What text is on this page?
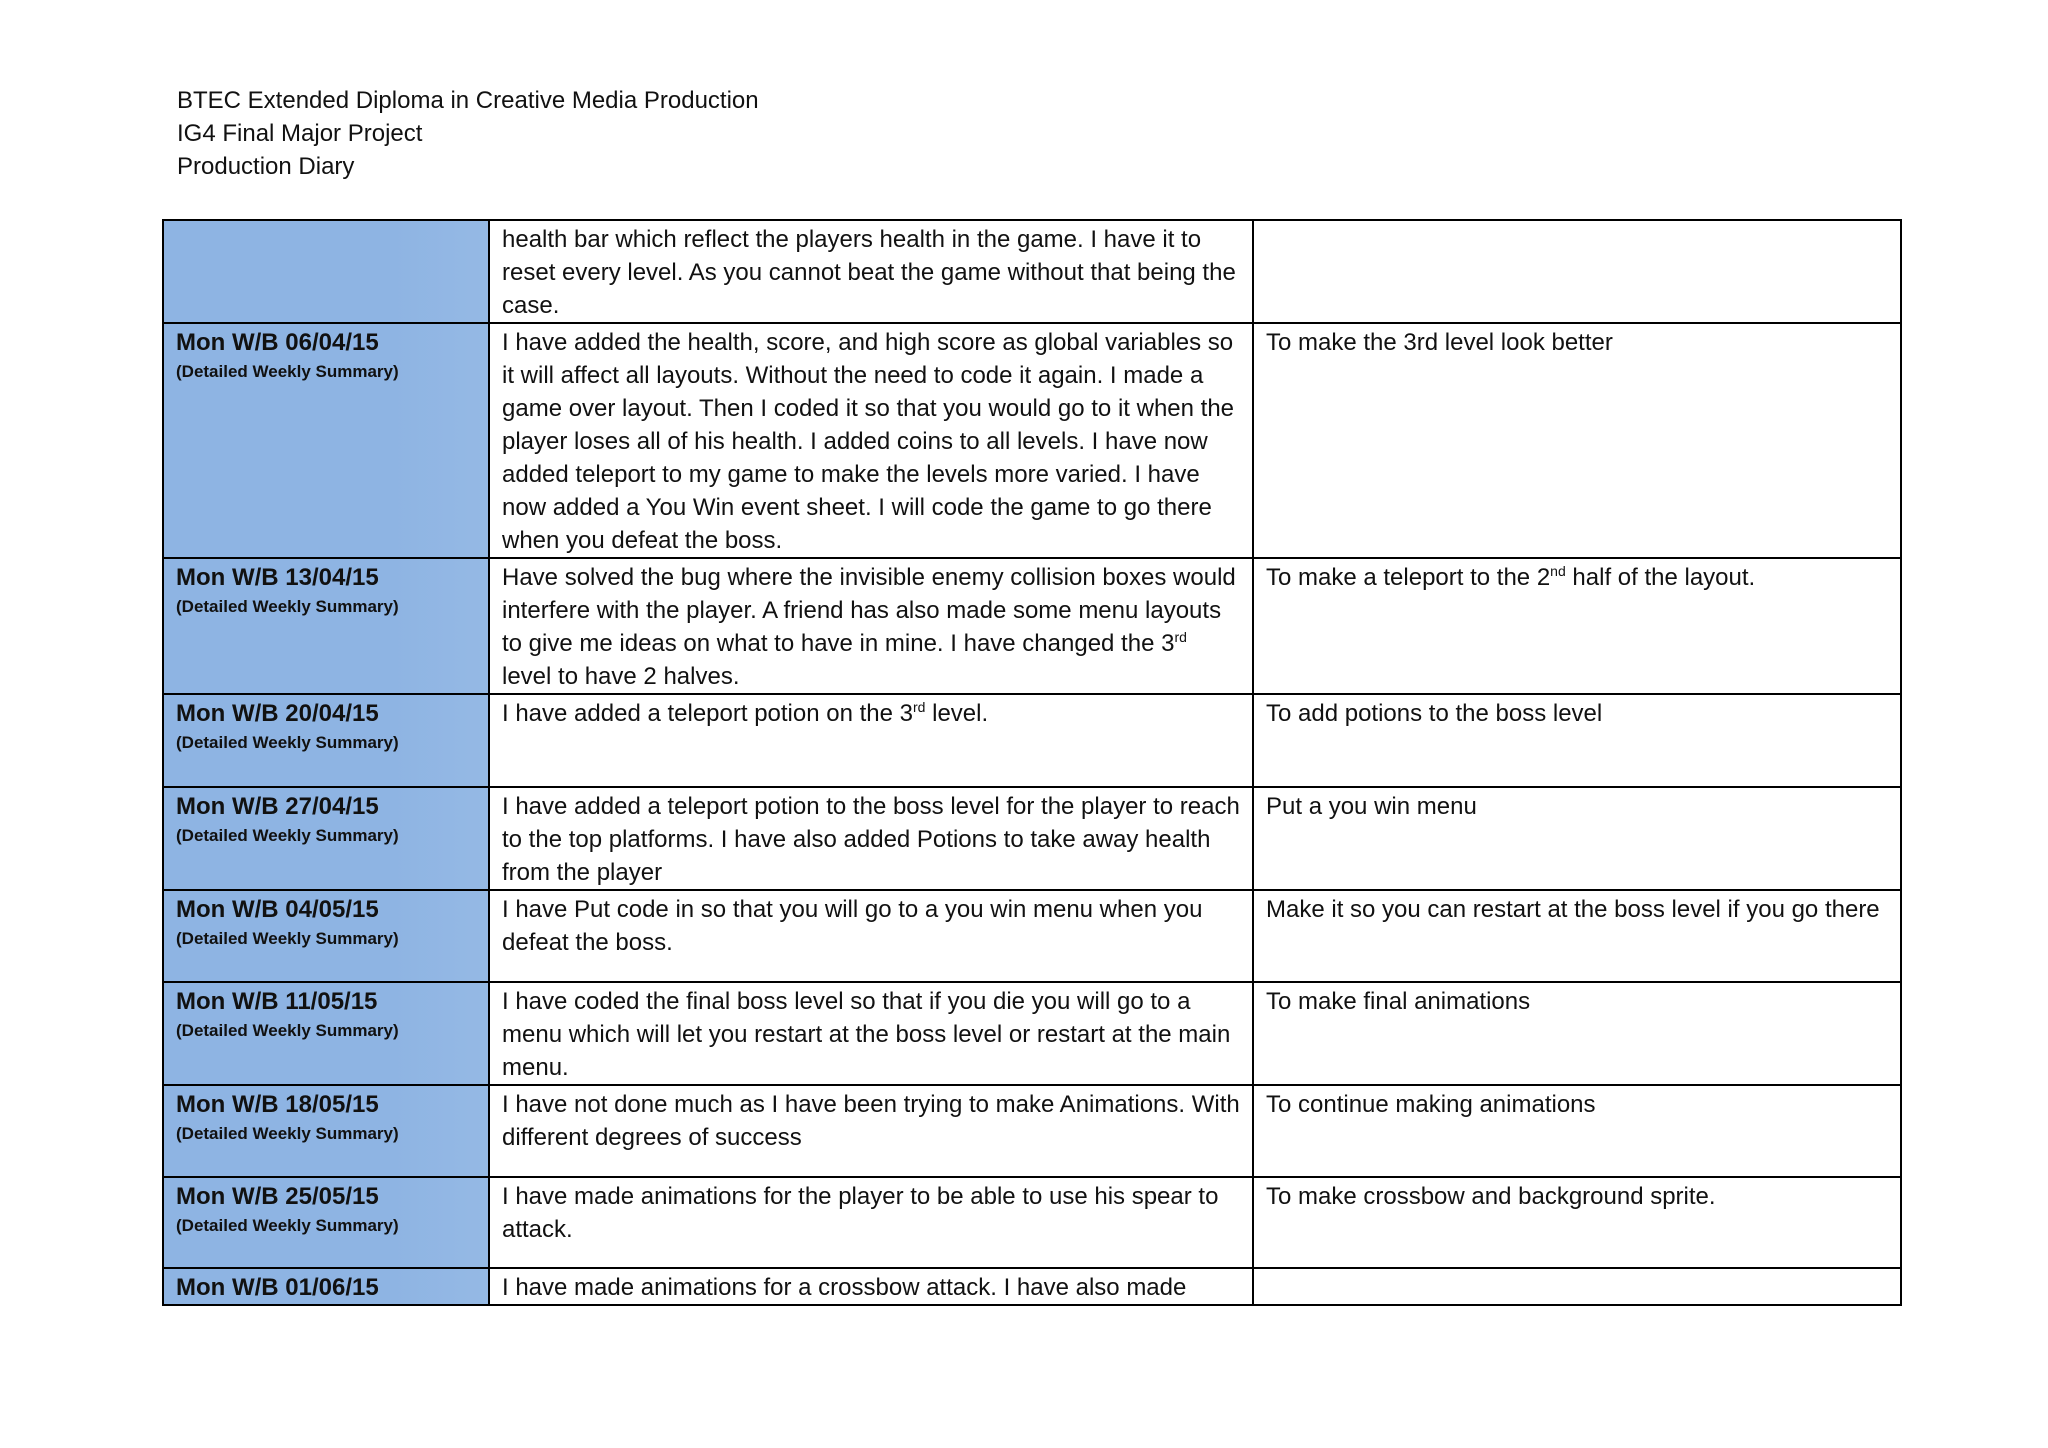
BTEC Extended Diploma in Creative Media Production
IG4 Final Major Project
Production Diary
	health bar which reflect the players health in the game. I have it to reset every level. As you cannot beat the game without that being the case.	

Mon W/B 06/04/15
(Detailed Weekly Summary)	I have added the health, score, and high score as global variables so it will affect all layouts. Without the need to code it again. I made a game over layout. Then I coded it so that you would go to it when the player loses all of his health. I added coins to all levels. I have now added teleport to my game to make the levels more varied. I have now added a You Win event sheet. I will code the game to go there when you defeat the boss.	To make the 3rd level look better

Mon W/B 13/04/15
(Detailed Weekly Summary)	Have solved the bug where the invisible enemy collision boxes would interfere with the player. A friend has also made some menu layouts to give me ideas on what to have in mine. I have changed the 3rd level to have 2 halves.	To make a teleport to the 2nd half of the layout.

Mon W/B 20/04/15
(Detailed Weekly Summary)	I have added a teleport potion on the 3rd level.	To add potions to the boss level

Mon W/B 27/04/15
(Detailed Weekly Summary)	I have added a teleport potion to the boss level for the player to reach to the top platforms. I have also added Potions to take away health from the player	Put a you win menu

Mon W/B 04/05/15
(Detailed Weekly Summary)	I have Put code in so that you will go to a you win menu when you defeat the boss.	Make it so you can restart at the boss level if you go there

Mon W/B 11/05/15
(Detailed Weekly Summary)	I have coded the final boss level so that if you die you will go to a menu which will let you restart at the boss level or restart at the main menu.	To make final animations

Mon W/B 18/05/15
(Detailed Weekly Summary)	I have not done much as I have been trying to make Animations. With different degrees of success	To continue making animations

Mon W/B 25/05/15
(Detailed Weekly Summary)	I have made animations for the player to be able to use his spear to attack.	To make crossbow and background sprite.

Mon W/B 01/06/15	I have made animations for a crossbow attack. I have also made	
